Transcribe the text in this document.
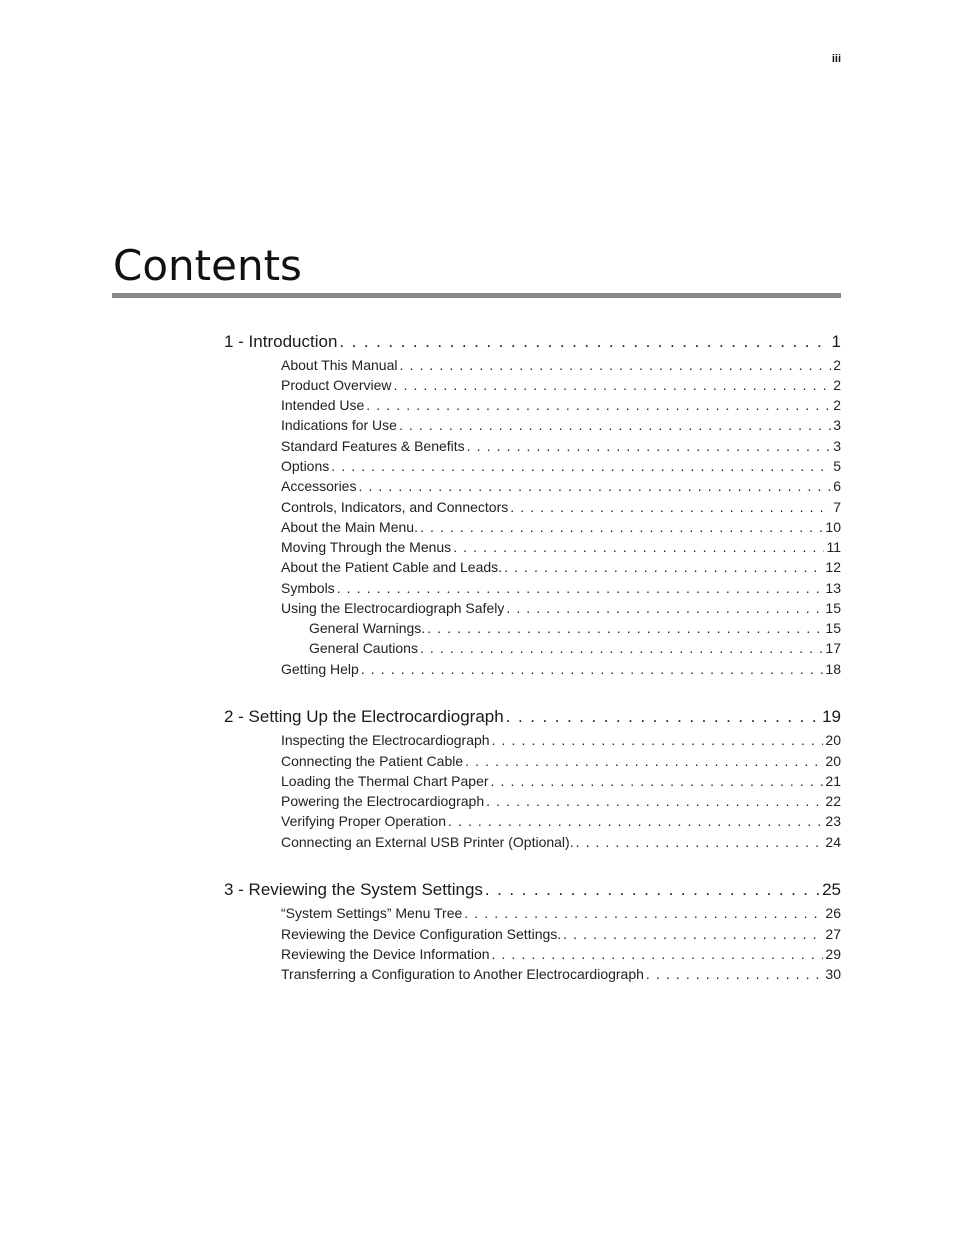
iii
Contents
1 - Introduction . . .	1
About This Manual . . .	2
Product Overview . . .	2
Intended Use . . .	2
Indications for Use . . .	3
Standard Features & Benefits . . .	3
Options . . .	5
Accessories . . .	6
Controls, Indicators, and Connectors . . .	7
About the Main Menu. . . .	10
Moving Through the Menus . . .	11
About the Patient Cable and Leads. . . .	12
Symbols . . .	13
Using the Electrocardiograph Safely . . .	15
General Warnings. . . .	15
General Cautions . . .	17
Getting Help . . .	18
2 - Setting Up the Electrocardiograph . . .	19
Inspecting the Electrocardiograph . . .	20
Connecting the Patient Cable . . .	20
Loading the Thermal Chart Paper . . .	21
Powering the Electrocardiograph . . .	22
Verifying Proper Operation . . .	23
Connecting an External USB Printer (Optional). . . .	24
3 - Reviewing the System Settings . . .	25
“System Settings” Menu Tree . . .	26
Reviewing the Device Configuration Settings. . . .	27
Reviewing the Device Information . . .	29
Transferring a Configuration to Another Electrocardiograph . . .	30
